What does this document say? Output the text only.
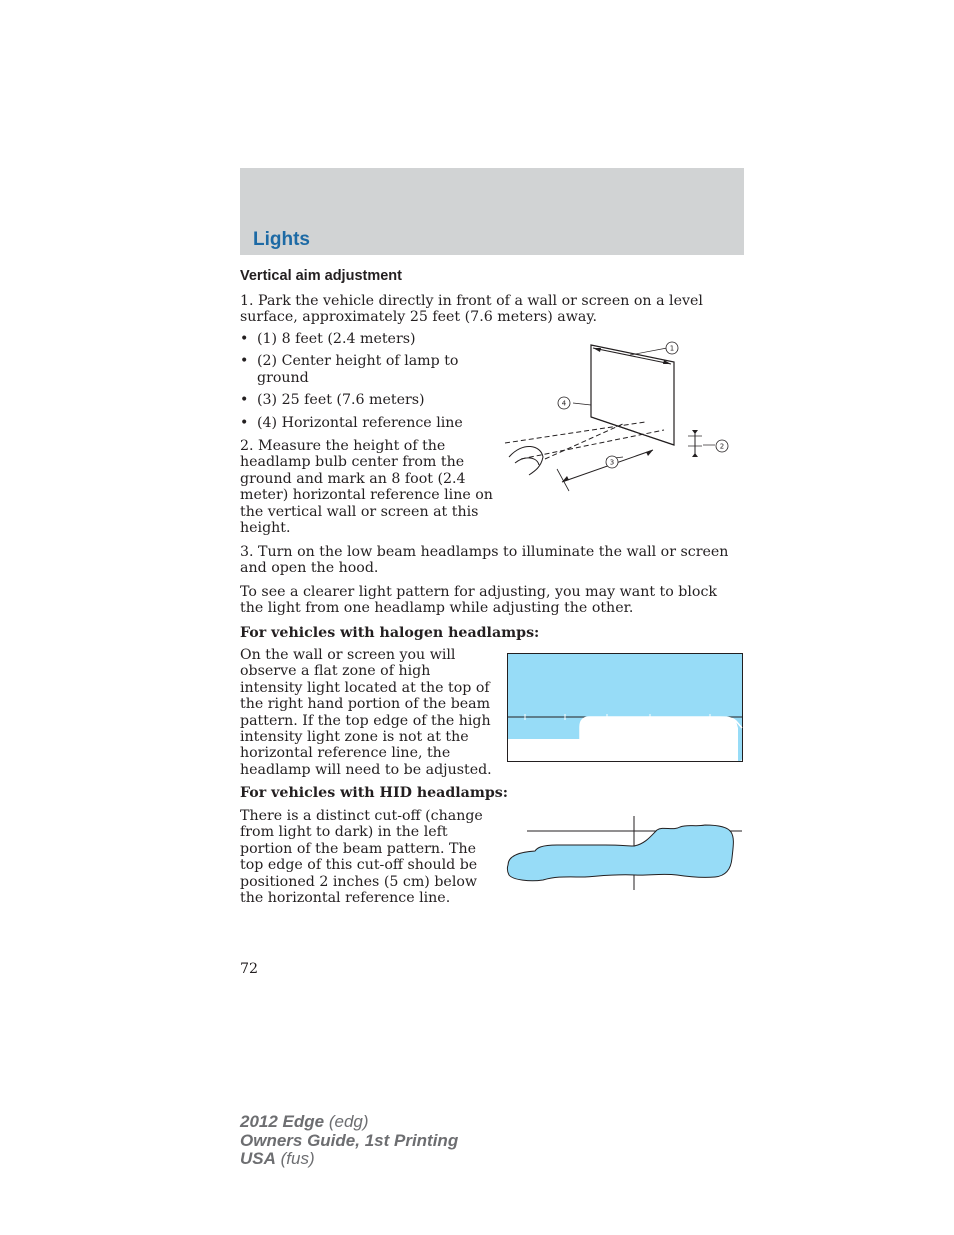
Lights
Vertical aim adjustment

1. Park the vehicle directly in front of a wall or screen on a level surface, approximately 25 feet (7.6 meters) away.

• (1) 8 feet (2.4 meters)
• (2) Center height of lamp to ground
• (3) 25 feet (7.6 meters)
• (4) Horizontal reference line

2. Measure the height of the headlamp bulb center from the ground and mark an 8 foot (2.4 meter) horizontal reference line on the vertical wall or screen at this height.

3. Turn on the low beam headlamps to illuminate the wall or screen and open the hood.

To see a clearer light pattern for adjusting, you may want to block the light from one headlamp while adjusting the other.

For vehicles with halogen headlamps:

On the wall or screen you will observe a flat zone of high intensity light located at the top of the right hand portion of the beam pattern. If the top edge of the high intensity light zone is not at the horizontal reference line, the headlamp will need to be adjusted.

For vehicles with HID headlamps:

There is a distinct cut-off (change from light to dark) in the left portion of the beam pattern. The top edge of this cut-off should be positioned 2 inches (5 cm) below the horizontal reference line.

1
2
3
4
72
2012 Edge (edg)
Owners Guide, 1st Printing
USA (fus)
